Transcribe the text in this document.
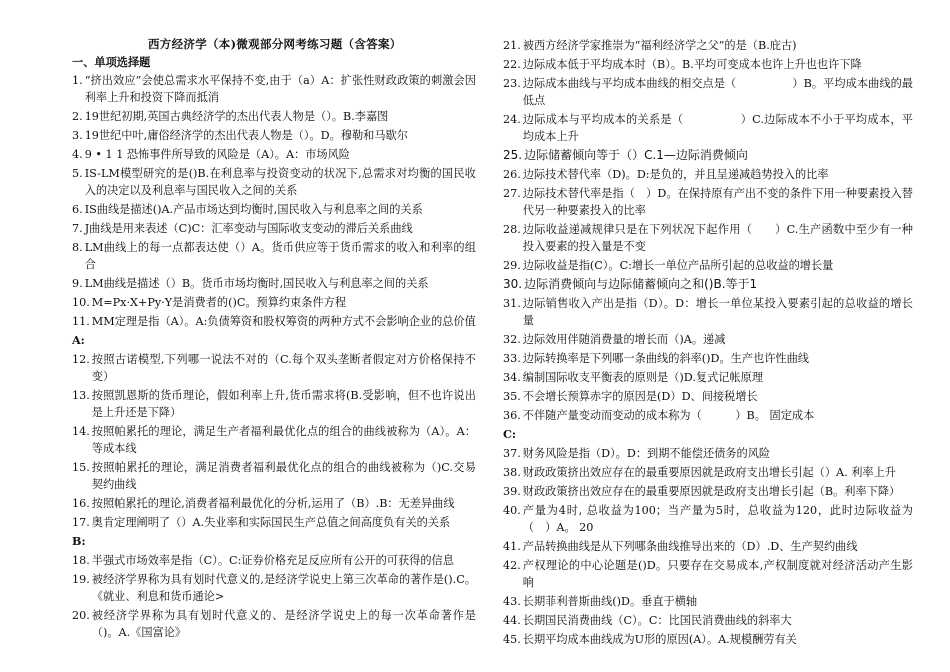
西方经济学（本)微观部分网考练习题（含答案）
一、单项选择题
1. “挤出效应”会使总需求水平保持不变,由于（a）A：扩张性财政政策的刺激会因利率上升和投资下降而抵消
2. 19世纪初期,英国古典经济学的杰出代表人物是（）。B.李嘉图
3. 19世纪中叶,庸俗经济学的杰出代表人物是（）。D。穆勒和马歇尔
4. 9 • 1 1 恐怖事件所导致的风险是（A）。A：市场风险
5. IS-LM模型研究的是()B.在利息率与投资变动的状况下,总需求对均衡的国民收入的决定以及利息率与国民收入之间的关系
6. IS曲线是描述()A.产品市场达到均衡时,国民收入与利息率之间的关系
7. J曲线是用来表述（C)C：汇率变动与国际收支变动的滞后关系曲线
8. LM曲线上的每一点都表达使（）A。货币供应等于货币需求的收入和利率的组合
9. LM曲线是描述（）B。货币市场均衡时,国民收入与利息率之间的关系
10. M=Px·X+Py·Y是消费者的()C。预算约束条件方程
11. MM定理是指（A）。A:负债筹资和股权筹资的两种方式不会影响企业的总价值
A:
12. 按照古诺模型,下列哪一说法不对的（C.每个双头垄断者假定对方价格保持不变）
13. 按照凯恩斯的货币理论，假如利率上升,货币需求将(B.受影响，但不也许说出是上升还是下降）
14. 按照帕累托的理论，满足生产者福利最优化点的组合的曲线被称为（A）。A：等成本线
15. 按照帕累托的理论，满足消费者福利最优化点的组合的曲线被称为（)C.交易契约曲线
16. 按照帕累托的理论,消费者福利最优化的分析,运用了（B）.B：无差异曲线
17. 奥肯定理阐明了（）A.失业率和实际国民生产总值之间高度负有关的关系
B:
18. 半强式市场效率是指（C）。C:证券价格充足反应所有公开的可获得的信息
19. 被经济学界称为具有划时代意义的,是经济学说史上第三次革命的著作是().C。《就业、利息和货币通论>
20. 被经济学界称为具有划时代意义的、是经济学说史上的每一次革命著作是（)。A.《国富论》
21. 被西方经济学家推崇为“福利经济学之父”的是（B.庇古)
22. 边际成本低于平均成本时（B）。B.平均可变成本也许上升也也许下降
23. 边际成本曲线与平均成本曲线的相交点是（　　　　　）B。平均成本曲线的最低点
24. 边际成本与平均成本的关系是（　　　　　）C.边际成本不小于平均成本，平均成本上升
25. 边际储蓄倾向等于（）C.1—边际消费倾向
26. 边际技术替代率（D)。D:是负的，并且呈递减趋势投入的比率
27. 边际技术替代率是指（　）D。在保持原有产出不变的条件下用一种要素投入替代另一种要素投入的比率
28. 边际收益递减规律只是在下列状况下起作用（　　）C.生产函数中至少有一种投入要素的投入量是不变
29. 边际收益是指(C）。C:增长一单位产品所引起的总收益的增长量
30. 边际消费倾向与边际储蓄倾向之和()B.等于1
31. 边际销售收入产出是指（D）。D：增长一单位某投入要素引起的总收益的增长量
32. 边际效用伴随消费量的增长而（)A。递减
33. 边际转换率是下列哪一条曲线的斜率()D。生产也许性曲线
34. 编制国际收支平衡表的原则是（)D.复式记帐原理
35. 不会增长预算赤字的原因是(D）D、间接税增长
36. 不伴随产量变动而变动的成本称为（　　　）B。 固定成本
C:
37. 财务风险是指（D）。D：到期不能偿还债务的风险
38. 财政政策挤出效应存在的最重要原因就是政府支出增长引起（）A. 利率上升
39. 财政政策挤出效应存在的最重要原因就是政府支出增长引起（B。利率下降）
40. 产量为4时, 总收益为100；当产量为5时，总收益为120，此时边际收益为（　）A。 20
41. 产品转换曲线是从下列哪条曲线推导出来的（D）.D、生产契约曲线
42. 产权理论的中心论题是()D。只要存在交易成本,产权制度就对经济活动产生影响
43. 长期菲利普斯曲线()D。垂直于横轴
44. 长期国民消费曲线（C）。C：比国民消费曲线的斜率大
45. 长期平均成本曲线成为U形的原因(A）。A.规模酬劳有关
